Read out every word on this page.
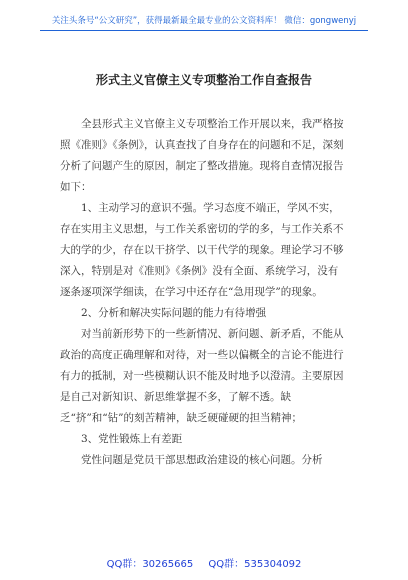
关注头条号“公文研究”，获得最新最全最专业的公文资料库！ 微信：gongwenyj
形式主义官僚主义专项整治工作自查报告

全县形式主义官僚主义专项整治工作开展以来，我严格按照《准则》《条例》，认真查找了自身存在的问题和不足，深刻分析了问题产生的原因，制定了整改措施。现将自查情况报告如下：

1、主动学习的意识不强。学习态度不端正，学风不实，存在实用主义思想，与工作关系密切的学的多，与工作关系不大的学的少，存在以干挤学、以干代学的现象。理论学习不够深入，特别是对《准则》《条例》没有全面、系统学习，没有逐条逐项深学细读，在学习中还存在“急用现学”的现象。

2、分析和解决实际问题的能力有待增强

对当前新形势下的一些新情况、新问题、新矛盾，不能从政治的高度正确理解和对待，对一些以偏概全的言论不能进行有力的抵制，对一些模糊认识不能及时地予以澄清。主要原因是自己对新知识、新思维掌握不多，了解不透。缺乏“挤”和“钻”的刻苦精神，缺乏硬碰硬的担当精神；

3、党性锻炼上有差距

党性问题是党员干部思想政治建设的核心问题。分析

QQ群：30265665 QQ群：535304092
